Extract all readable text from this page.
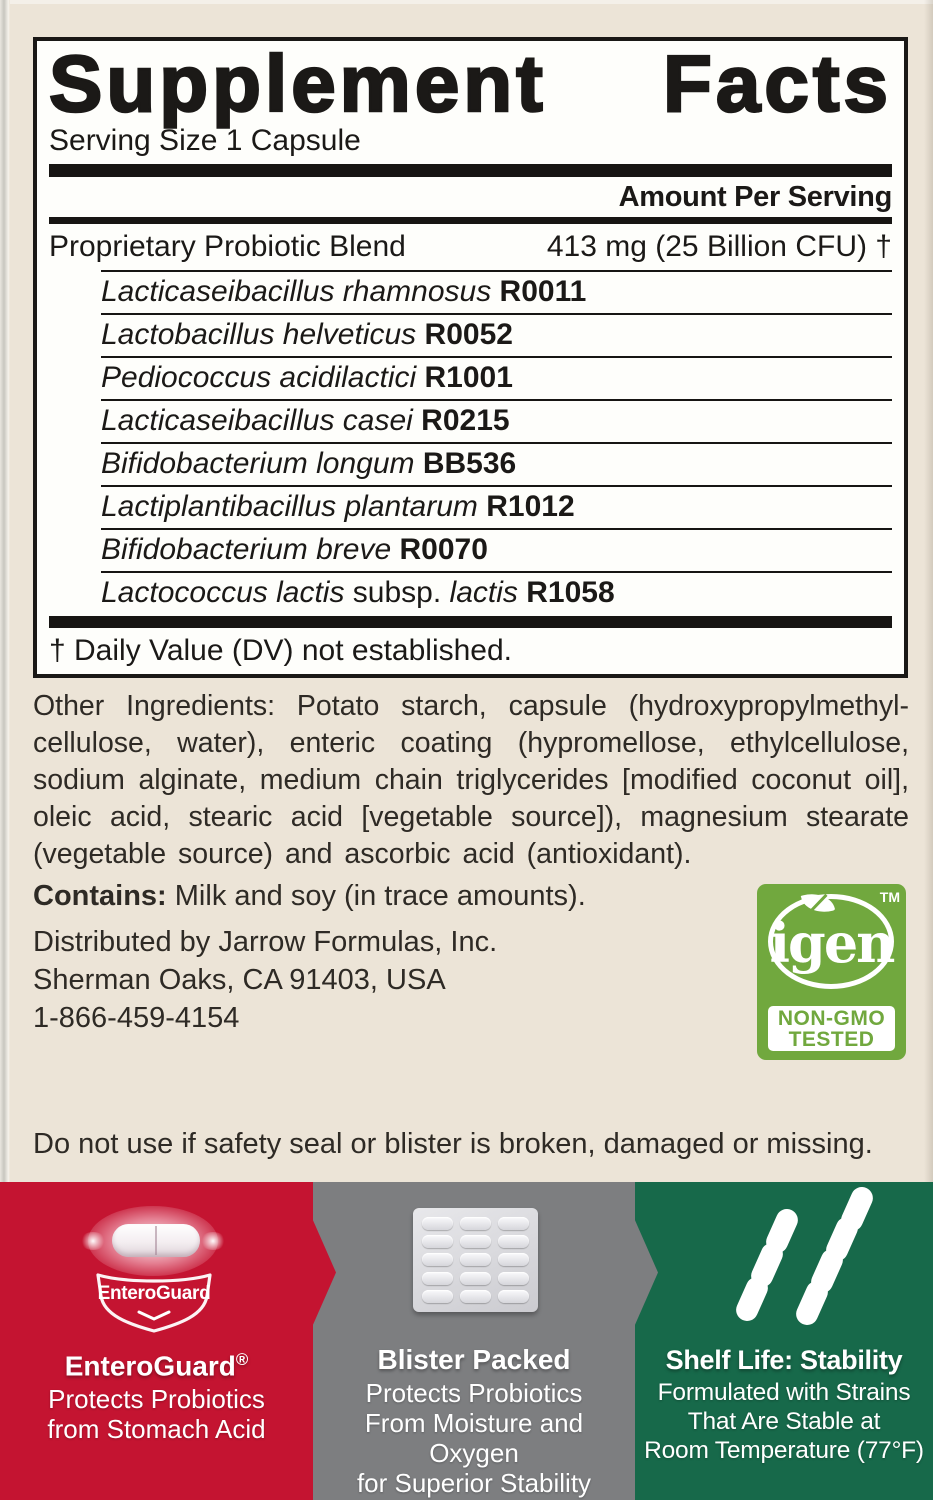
Supplement Facts
Serving Size 1 Capsule
Amount Per Serving
Proprietary Probiotic Blend	413 mg (25 Billion CFU) †
Lacticaseibacillus rhamnosus R0011
Lactobacillus helveticus R0052
Pediococcus acidilactici R1001
Lacticaseibacillus casei R0215
Bifidobacterium longum BB536
Lactiplantibacillus plantarum R1012
Bifidobacterium breve R0070
Lactococcus lactis subsp. lactis R1058
† Daily Value (DV) not established.
Other Ingredients: Potato starch, capsule (hydroxypropylmethyl-cellulose, water), enteric coating (hypromellose, ethylcellulose, sodium alginate, medium chain triglycerides [modified coconut oil], oleic acid, stearic acid [vegetable source]), magnesium stearate (vegetable source) and ascorbic acid (antioxidant).
Contains: Milk and soy (in trace amounts).
Distributed by Jarrow Formulas, Inc.
Sherman Oaks, CA 91403, USA
1-866-459-4154
igen
TM
NON-GMO
TESTED
Do not use if safety seal or blister is broken, damaged or missing.
EnteroGuard
EnteroGuard®
Protects Probiotics
from Stomach Acid
Blister Packed
Protects Probiotics
From Moisture and Oxygen
for Superior Stability
Shelf Life: Stability
Formulated with Strains
That Are Stable at
Room Temperature (77°F)
